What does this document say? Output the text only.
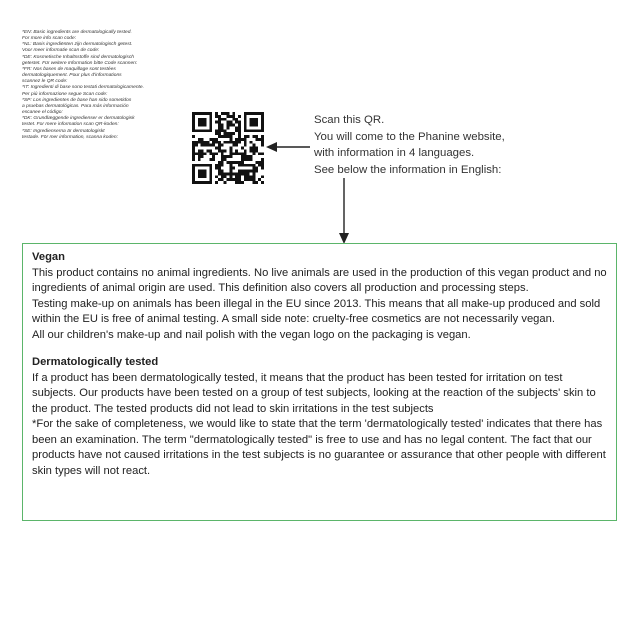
*EN: Basic ingredients are dermatologically tested.
For more info scan code:
*NL: Basis ingrediënten zijn dermatologisch getest.
Voor meer informatie scan de code:
*DE: Kosmetische Inhaltsstoffe sind dermatologisch
getestet. Für weitere Information bitte Code scannen:
*FR: Nos bases de maquillage sont testées
dermatologiquement. Pour plus d'informations
scannez le QR code:
*IT: Ingredienti di base sono testati dermatologicamente.
Per più informazione segue Scan code:
*SP: Los ingredientes de base han sido sometidos
a pruebas dermatológicas. Para más información
escanee el código:
*DK: Grundlæggende ingredienser er dermatologisk
testet. For mere information scan QR-koden:
*SE: Ingredienserna är dermatologiskt
testade. För mer information, scanna koden:
Scan this QR.
You will come to the Phanine website,
with information in 4 languages.
See below the information in English:
Vegan
This product contains no animal ingredients. No live animals are used in the production of this vegan product and no ingredients of animal origin are used. This definition also covers all production and processing steps.
Testing make-up on animals has been illegal in the EU since 2013. This means that all make-up produced and sold within the EU is free of animal testing. A small side note: cruelty-free cosmetics are not necessarily vegan.
All our children's make-up and nail polish with the vegan logo on the packaging is vegan.
Dermatologically tested
If a product has been dermatologically tested, it means that the product has been tested for irritation on test subjects. Our products have been tested on a group of test subjects, looking at the reaction of the subjects' skin to the product. The tested products did not lead to skin irritations in the test subjects
*For the sake of completeness, we would like to state that the term 'dermatologically tested' indicates that there has been an examination. The term "dermatologically tested" is free to use and has no legal content. The fact that our products have not caused irritations in the test subjects is no guarantee or assurance that other people with different skin types will not react.
